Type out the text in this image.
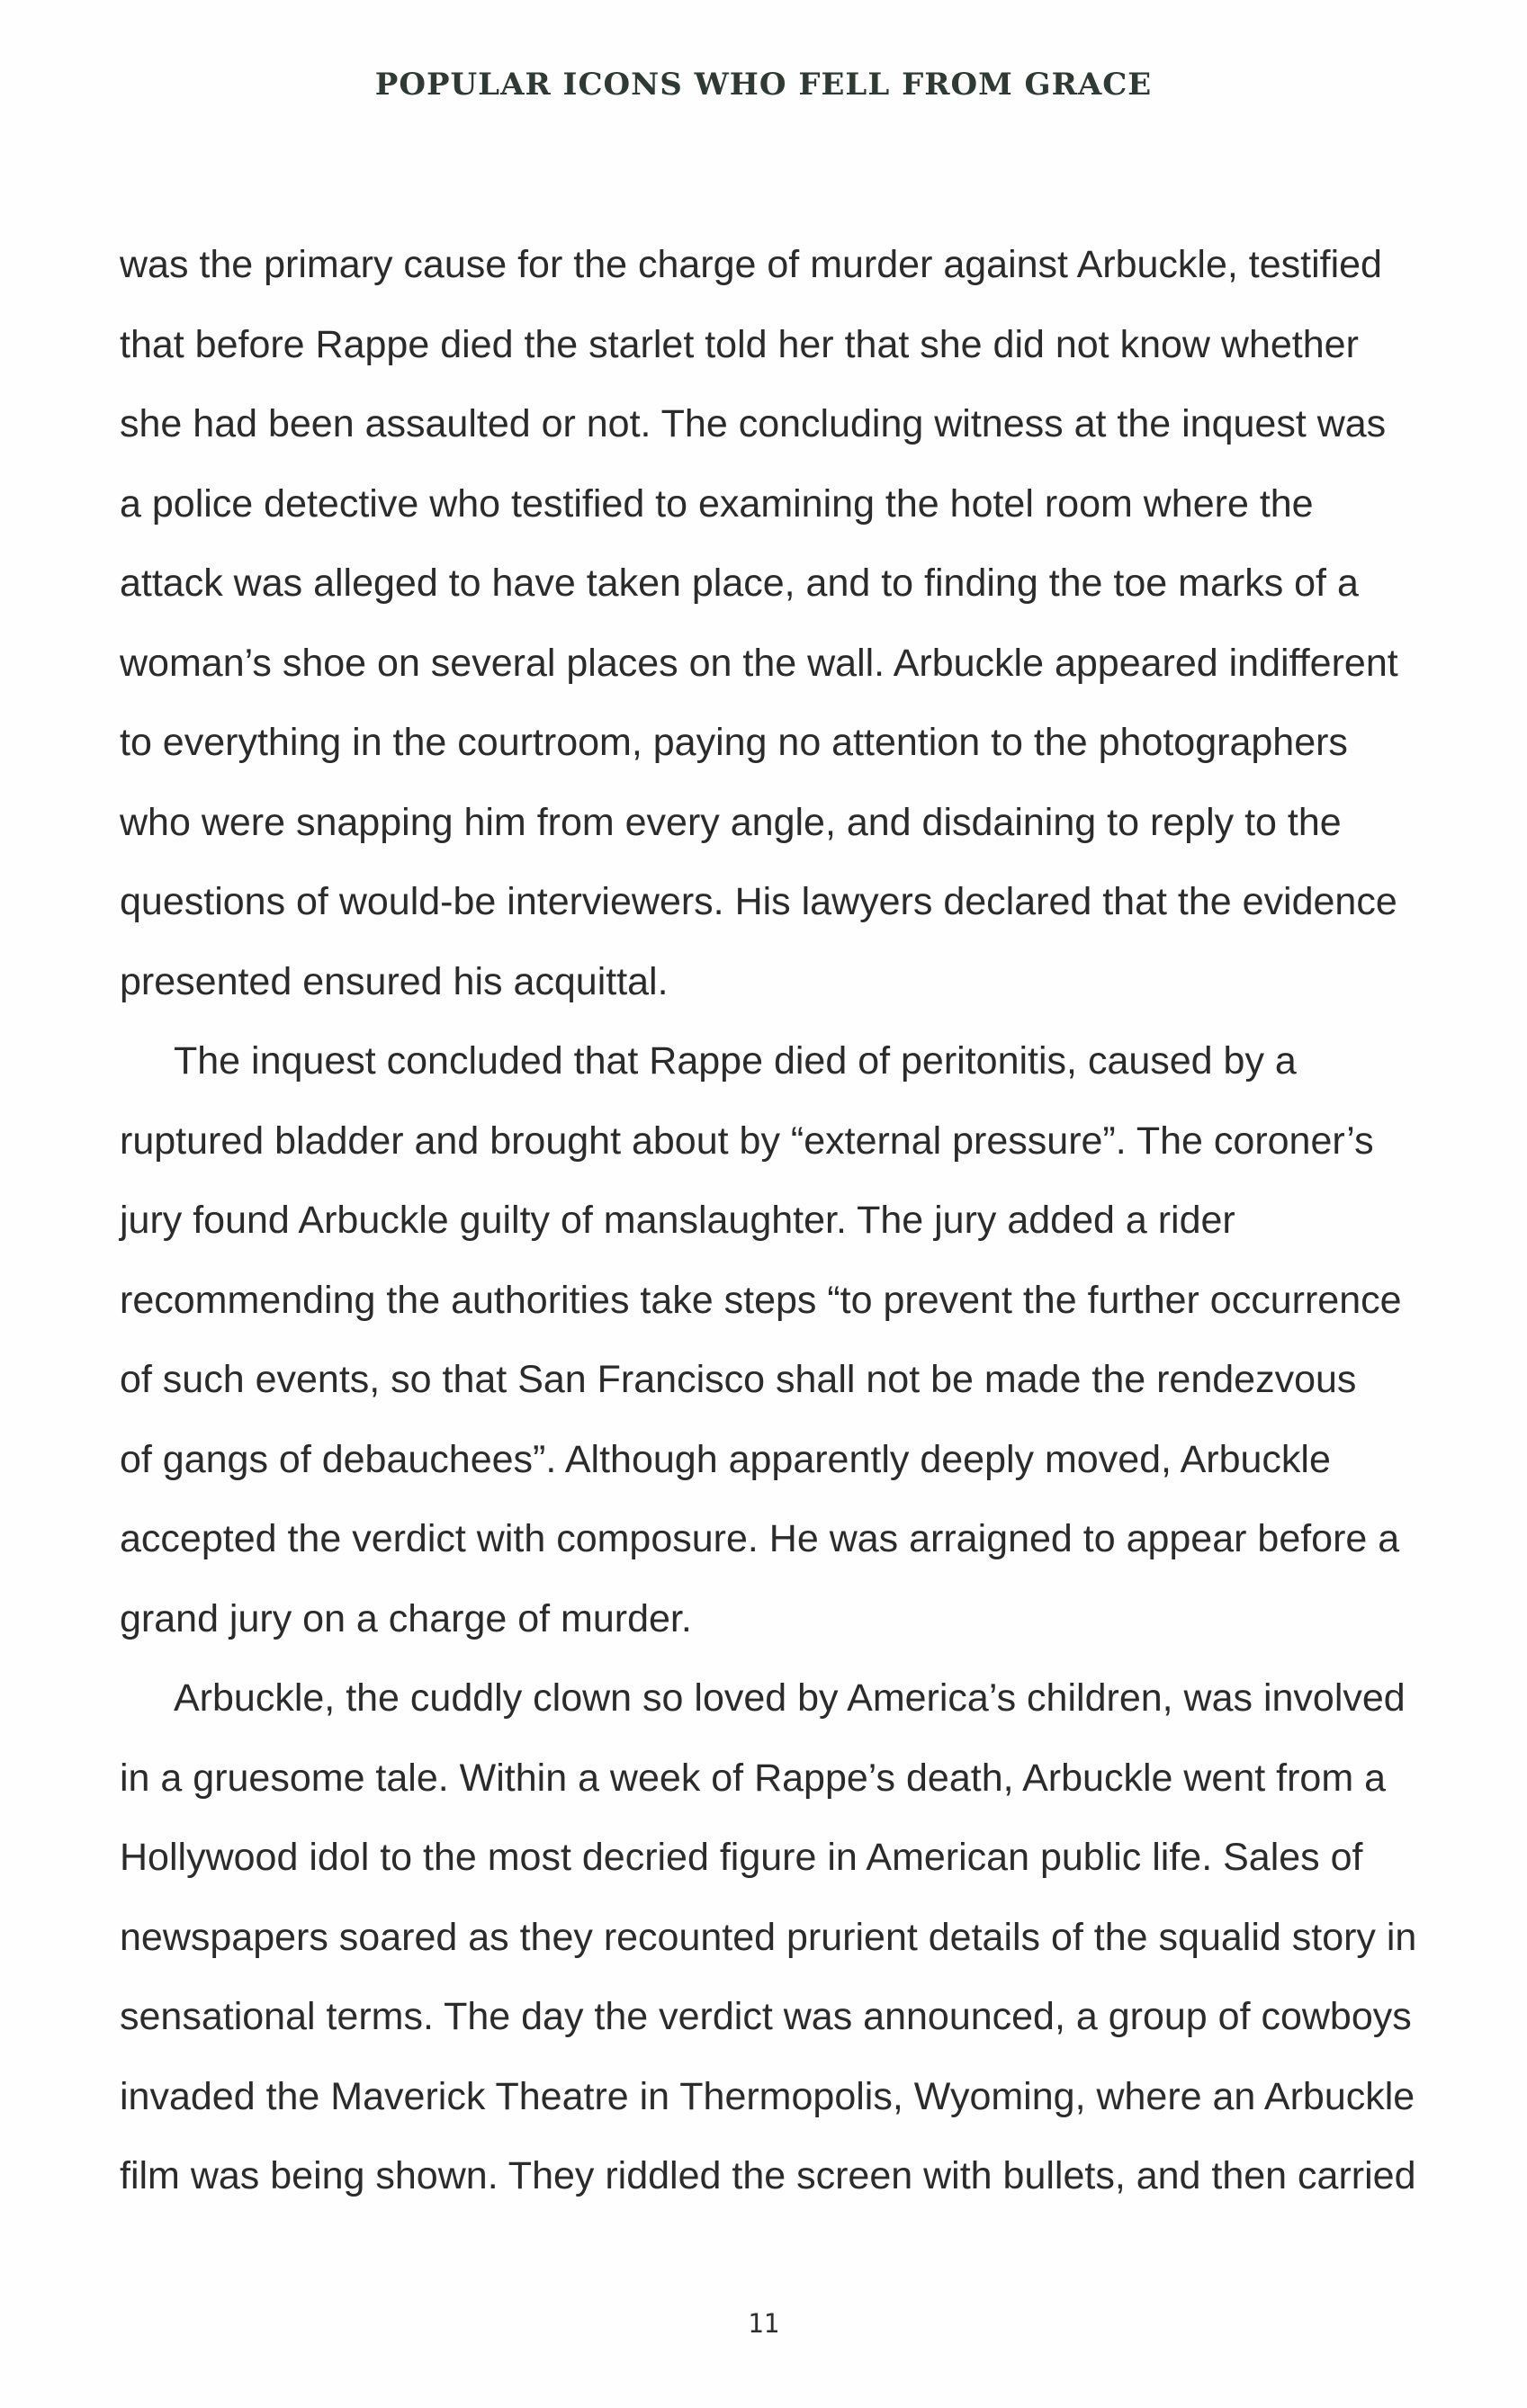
POPULAR ICONS WHO FELL FROM GRACE
was the primary cause for the charge of murder against Arbuckle, testified
that before Rappe died the starlet told her that she did not know whether
she had been assaulted or not. The concluding witness at the inquest was
a police detective who testified to examining the hotel room where the
attack was alleged to have taken place, and to finding the toe marks of a
woman’s shoe on several places on the wall. Arbuckle appeared indifferent
to everything in the courtroom, paying no attention to the photographers
who were snapping him from every angle, and disdaining to reply to the
questions of would-be interviewers. His lawyers declared that the evidence
presented ensured his acquittal.
The inquest concluded that Rappe died of peritonitis, caused by a
ruptured bladder and brought about by “external pressure”. The coroner’s
jury found Arbuckle guilty of manslaughter. The jury added a rider
recommending the authorities take steps “to prevent the further occurrence
of such events, so that San Francisco shall not be made the rendezvous
of gangs of debauchees”. Although apparently deeply moved, Arbuckle
accepted the verdict with composure. He was arraigned to appear before a
grand jury on a charge of murder.
Arbuckle, the cuddly clown so loved by America’s children, was involved
in a gruesome tale. Within a week of Rappe’s death, Arbuckle went from a
Hollywood idol to the most decried figure in American public life. Sales of
newspapers soared as they recounted prurient details of the squalid story in
sensational terms. The day the verdict was announced, a group of cowboys
invaded the Maverick Theatre in Thermopolis, Wyoming, where an Arbuckle
film was being shown. They riddled the screen with bullets, and then carried
11
